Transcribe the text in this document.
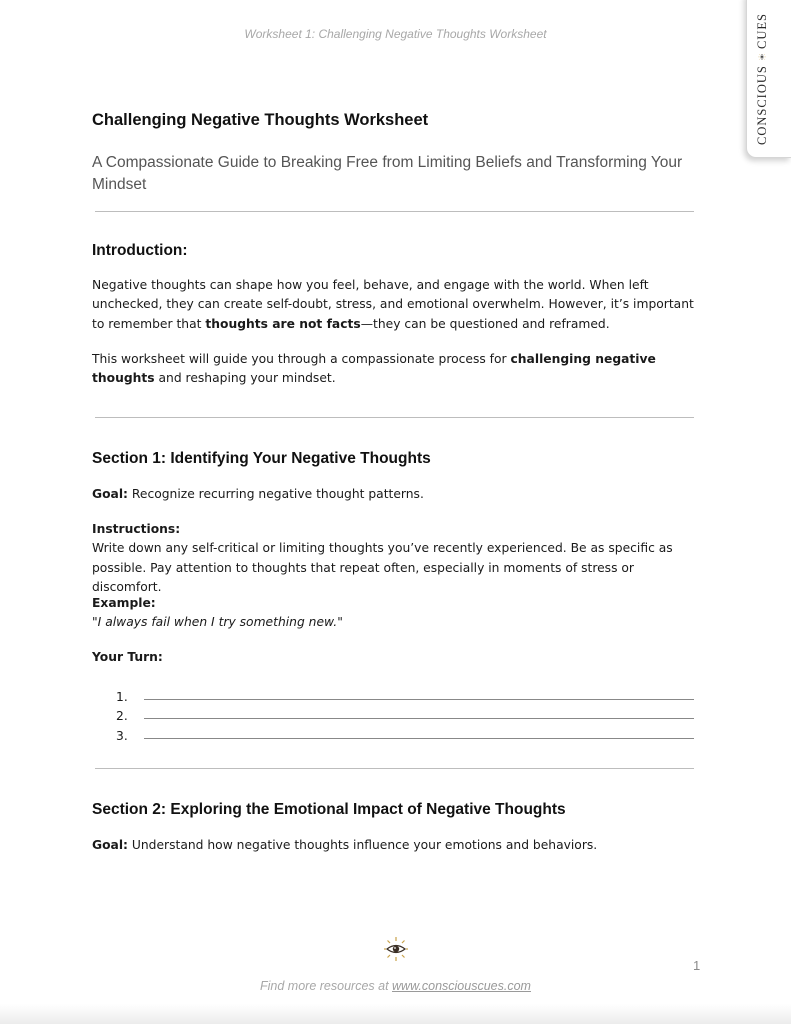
Worksheet 1: Challenging Negative Thoughts Worksheet
CONSCIOUS
CUES
Challenging Negative Thoughts Worksheet

A Compassionate Guide to Breaking Free from Limiting Beliefs and Transforming Your Mindset

Introduction:

Negative thoughts can shape how you feel, behave, and engage with the world. When left unchecked, they can create self-doubt, stress, and emotional overwhelm. However, it’s important to remember that thoughts are not facts—they can be questioned and reframed.

This worksheet will guide you through a compassionate process for challenging negative thoughts and reshaping your mindset.

Section 1: Identifying Your Negative Thoughts

Goal: Recognize recurring negative thought patterns.

Instructions:
Write down any self-critical or limiting thoughts you’ve recently experienced. Be as specific as possible. Pay attention to thoughts that repeat often, especially in moments of stress or discomfort.
Example:
"I always fail when I try something new."

Your Turn:

Section 2: Exploring the Emotional Impact of Negative Thoughts

Goal: Understand how negative thoughts influence your emotions and behaviors.

1.
2.
3.
1
Find more resources at www.consciouscues.com
